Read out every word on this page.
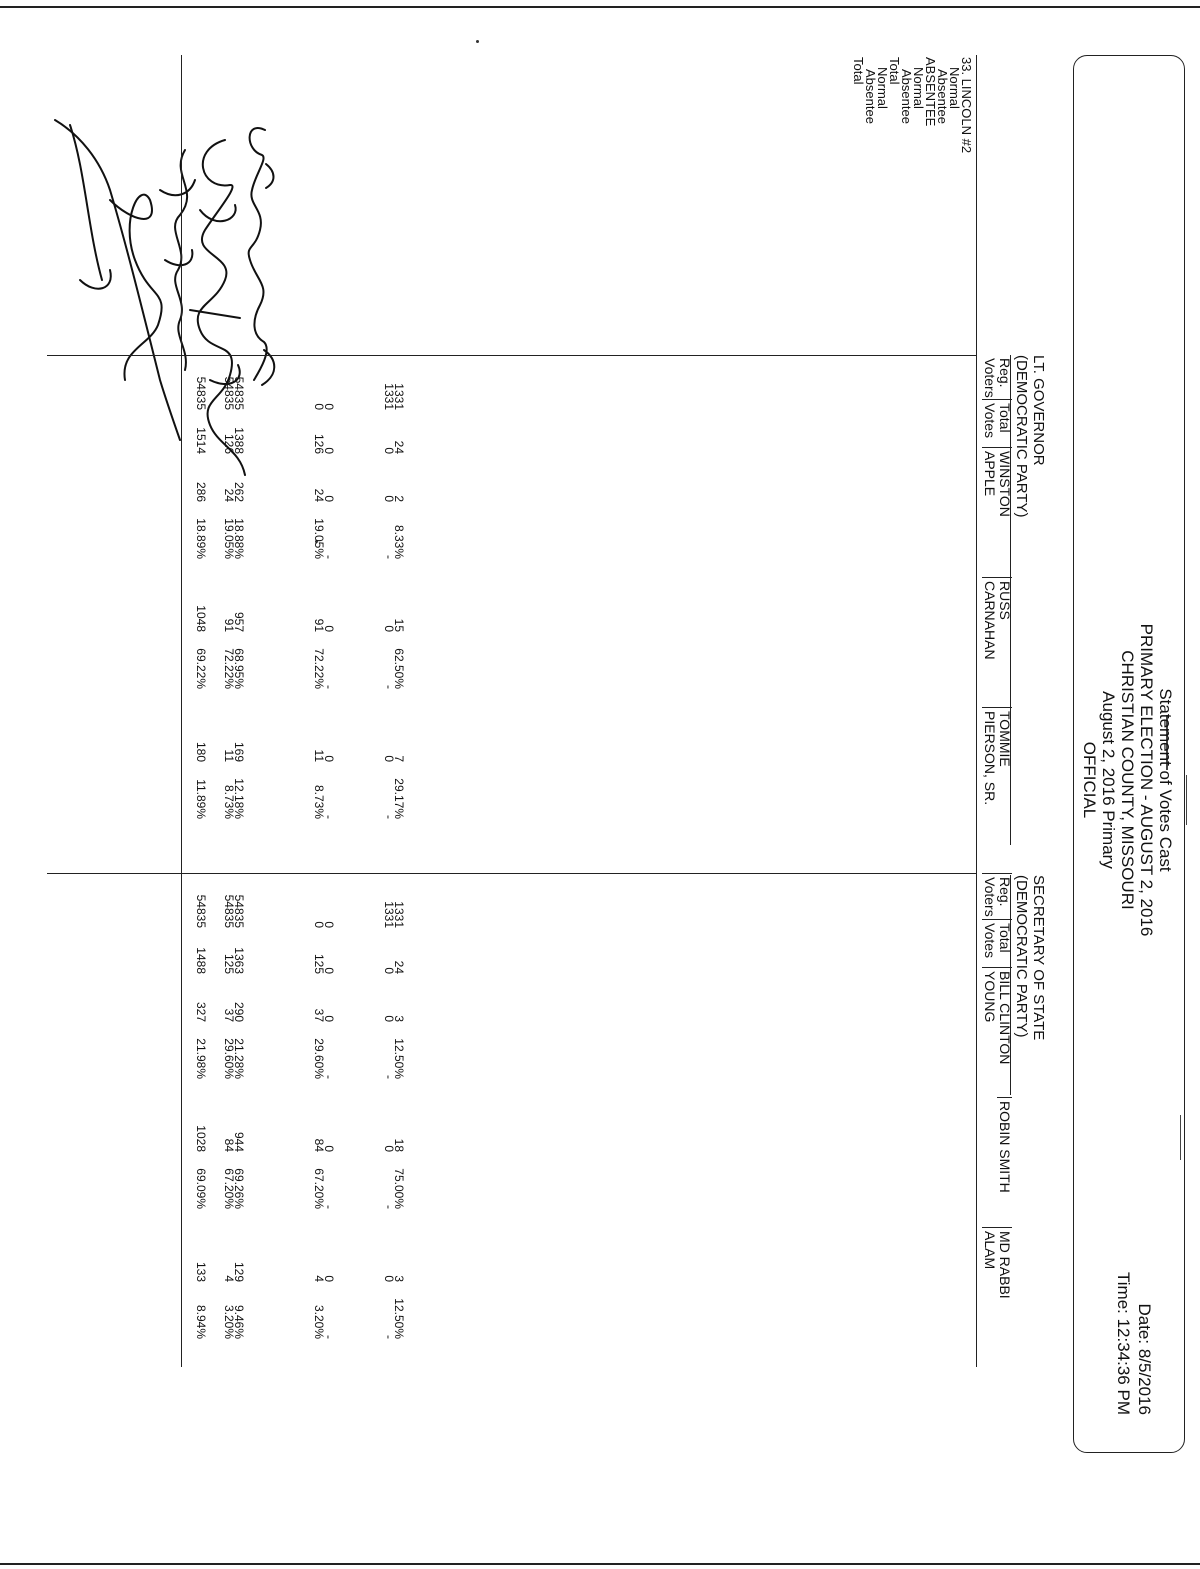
Statement of Votes Cast
PRIMARY ELECTION - AUGUST 2, 2016
CHRISTIAN COUNTY, MISSOURI
August 2, 2016 Primary
OFFICIAL
Date: 8/5/2016
Time: 12:34:36 PM
LT. GOVERNOR
(DEMOCRATIC PARTY)
SECRETARY OF STATE
(DEMOCRATIC PARTY)
Reg.
Voters
Total
Votes
WINSTON
APPLE
RUSS
CARNAHAN
TOMMIE
PIERSON, SR.
Reg.
Voters
Total
Votes
BILL CLINTON
YOUNG
ROBIN SMITH
MD RABBI
ALAM
33. LINCOLN #2
Normal
Absentee
ABSENTEE
Normal
Absentee
Total
Normal
Absentee
Total
1331
24
2
8.33%
15
62.50%
7
29.17%
1331
24
3
12.50%
18
75.00%
3
12.50%
1331
0
0
-
0
-
0
-
1331
0
0
-
0
-
0
-
0
0
0
-
0
-
0
-
0
0
0
-
0
-
0
-
0
126
24
19.05%
91
72.22%
11
8.73%
0
125
37
29.60%
84
67.20%
4
3.20%
54835
1388
262
18.88%
957
68.95%
169
12.18%
54835
1363
290
21.28%
944
69.26%
129
9.46%
54835
126
24
19.05%
91
72.22%
11
8.73%
54835
125
37
29.60%
84
67.20%
4
3.20%
54835
1514
286
18.89%
1048
69.22%
180
11.89%
54835
1488
327
21.98%
1028
69.09%
133
8.94%
